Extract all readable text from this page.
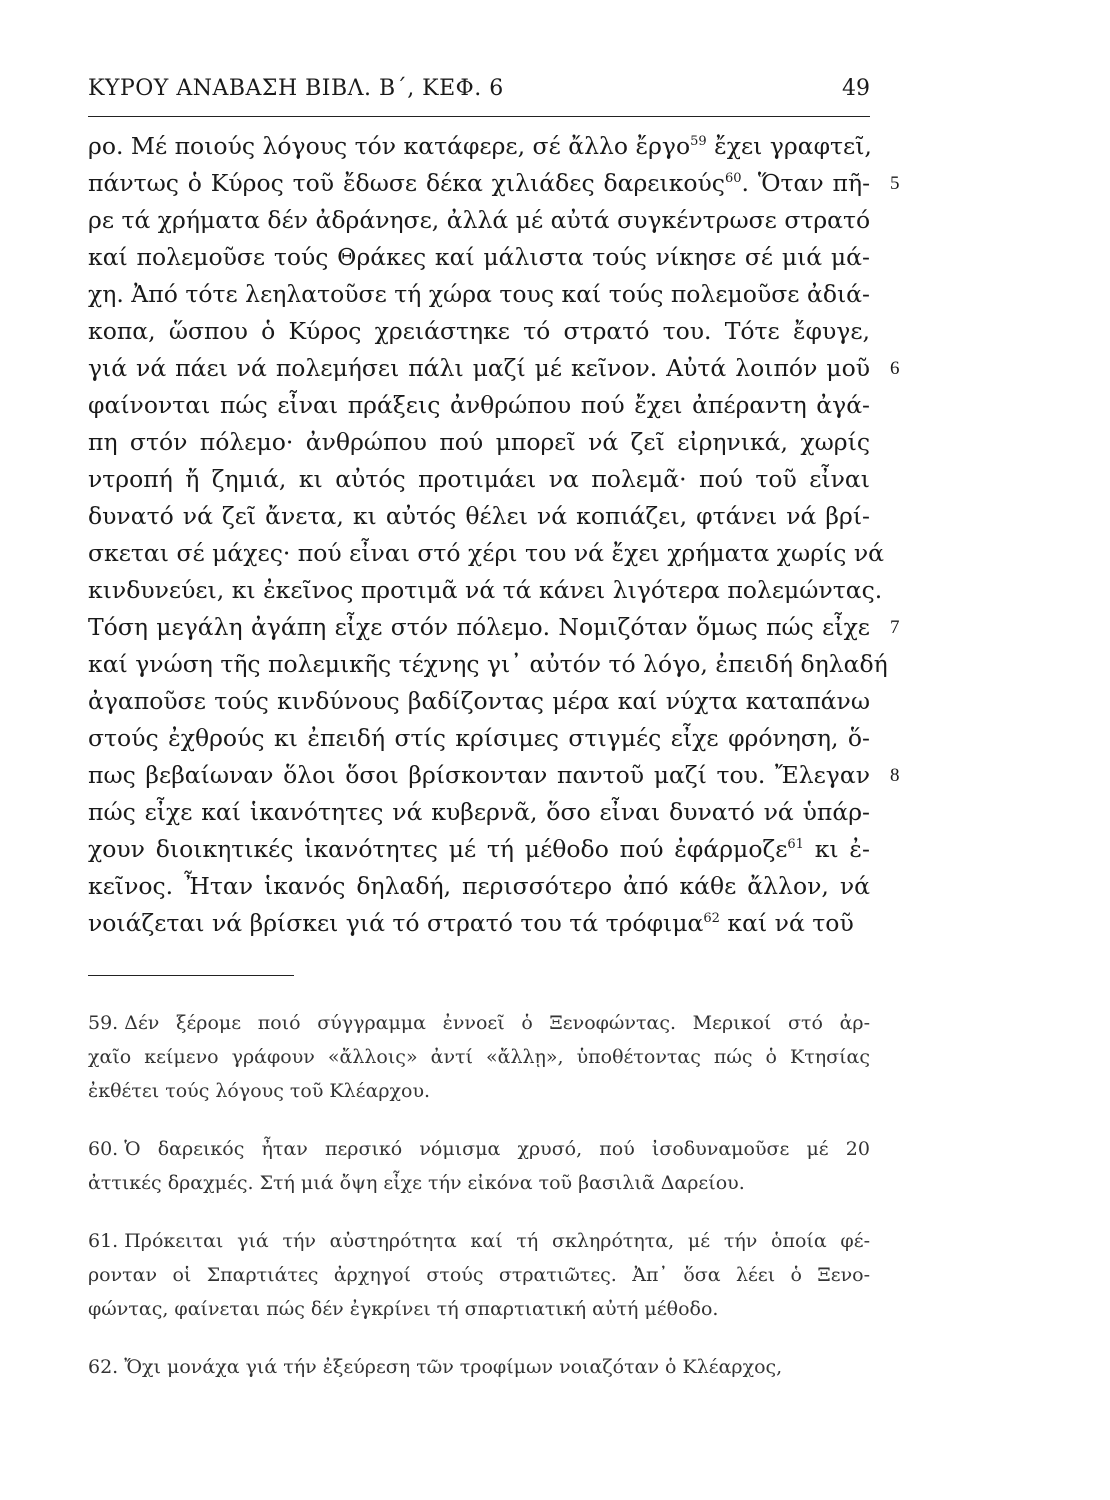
ΚΥΡΟΥ ΑΝΑΒΑΣΗ ΒΙΒΛ. Β΄, ΚΕΦ. 6	49
ρο. Μέ ποιούς λόγους τόν κατάφερε, σέ ἄλλο ἔργο$^{59}$ ἔχει γραφτεῖ,
πάντως ὁ Κύρος τοῦ ἔδωσε δέκα χιλιάδες δαρεικούς$^{60}$. Ὅταν πῆ- 5
ρε τά χρήματα δέν ἀδράνησε, ἀλλά μέ αὐτά συγκέντρωσε στρατό
καί πολεμοῦσε τούς Θράκες καί μάλιστα τούς νίκησε σέ μιά μά-
χη. Ἀπό τότε λεηλατοῦσε τή χώρα τους καί τούς πολεμοῦσε ἀδιά-
κοπα, ὥσπου ὁ Κύρος χρειάστηκε τό στρατό του. Τότε ἔφυγε,
γιά νά πάει νά πολεμήσει πάλι μαζί μέ κεῖνον. Αὐτά λοιπόν μοῦ 6
φαίνονται πώς εἶναι πράξεις ἀνθρώπου πού ἔχει ἀπέραντη ἀγά-
πη στόν πόλεμο· ἀνθρώπου πού μπορεῖ νά ζεῖ εἰρηνικά, χωρίς
ντροπή ἤ ζημιά, κι αὐτός προτιμάει να πολεμᾶ· πού τοῦ εἶναι
δυνατό νά ζεῖ ἄνετα, κι αὐτός θέλει νά κοπιάζει, φτάνει νά βρί-
σκεται σέ μάχες· πού εἶναι στό χέρι του νά ἔχει χρήματα χωρίς νά
κινδυνεύει, κι ἐκεῖνος προτιμᾶ νά τά κάνει λιγότερα πολεμώντας.
Τόση μεγάλη ἀγάπη εἶχε στόν πόλεμο. Νομιζόταν ὅμως πώς εἶχε 7
καί γνώση τῆς πολεμικῆς τέχνης γι᾽ αὐτόν τό λόγο, ἐπειδή δηλαδή
ἀγαποῦσε τούς κινδύνους βαδίζοντας μέρα καί νύχτα καταπάνω
στούς ἐχθρούς κι ἐπειδή στίς κρίσιμες στιγμές εἶχε φρόνηση, ὅ-
πως βεβαίωναν ὅλοι ὅσοι βρίσκονταν παντοῦ μαζί του. Ἔλεγαν 8
πώς εἶχε καί ἱκανότητες νά κυβερνᾶ, ὅσο εἶναι δυνατό νά ὑπάρ-
χουν διοικητικές ἱκανότητες μέ τή μέθοδο πού ἐφάρμοζε$^{61}$ κι ἐ-
κεῖνος. Ἦταν ἱκανός δηλαδή, περισσότερο ἀπό κάθε ἄλλον, νά
νοιάζεται νά βρίσκει γιά τό στρατό του τά τρόφιμα$^{62}$ καί νά τοῦ
59. Δέν ξέρομε ποιό σύγγραμμα ἐννοεῖ ὁ Ξενοφώντας. Μερικοί στό ἀρ-
χαῖο κείμενο γράφουν «ἄλλοις» ἀντί «ἄλλῃ», ὑποθέτοντας πώς ὁ Κτησίας
ἐκθέτει τούς λόγους τοῦ Κλέαρχου.
60. Ὁ δαρεικός ἦταν περσικό νόμισμα χρυσό, πού ἰσοδυναμοῦσε μέ 20
ἀττικές δραχμές. Στή μιά ὄψη εἶχε τήν εἰκόνα τοῦ βασιλιᾶ Δαρείου.
61. Πρόκειται γιά τήν αὐστηρότητα καί τή σκληρότητα, μέ τήν ὁποία φέ-
ρονταν οἱ Σπαρτιάτες ἀρχηγοί στούς στρατιῶτες. Ἀπ᾽ ὅσα λέει ὁ Ξενο-
φώντας, φαίνεται πώς δέν ἐγκρίνει τή σπαρτιατική αὐτή μέθοδο.
62. Ὄχι μονάχα γιά τήν ἐξεύρεση τῶν τροφίμων νοιαζόταν ὁ Κλέαρχος,
